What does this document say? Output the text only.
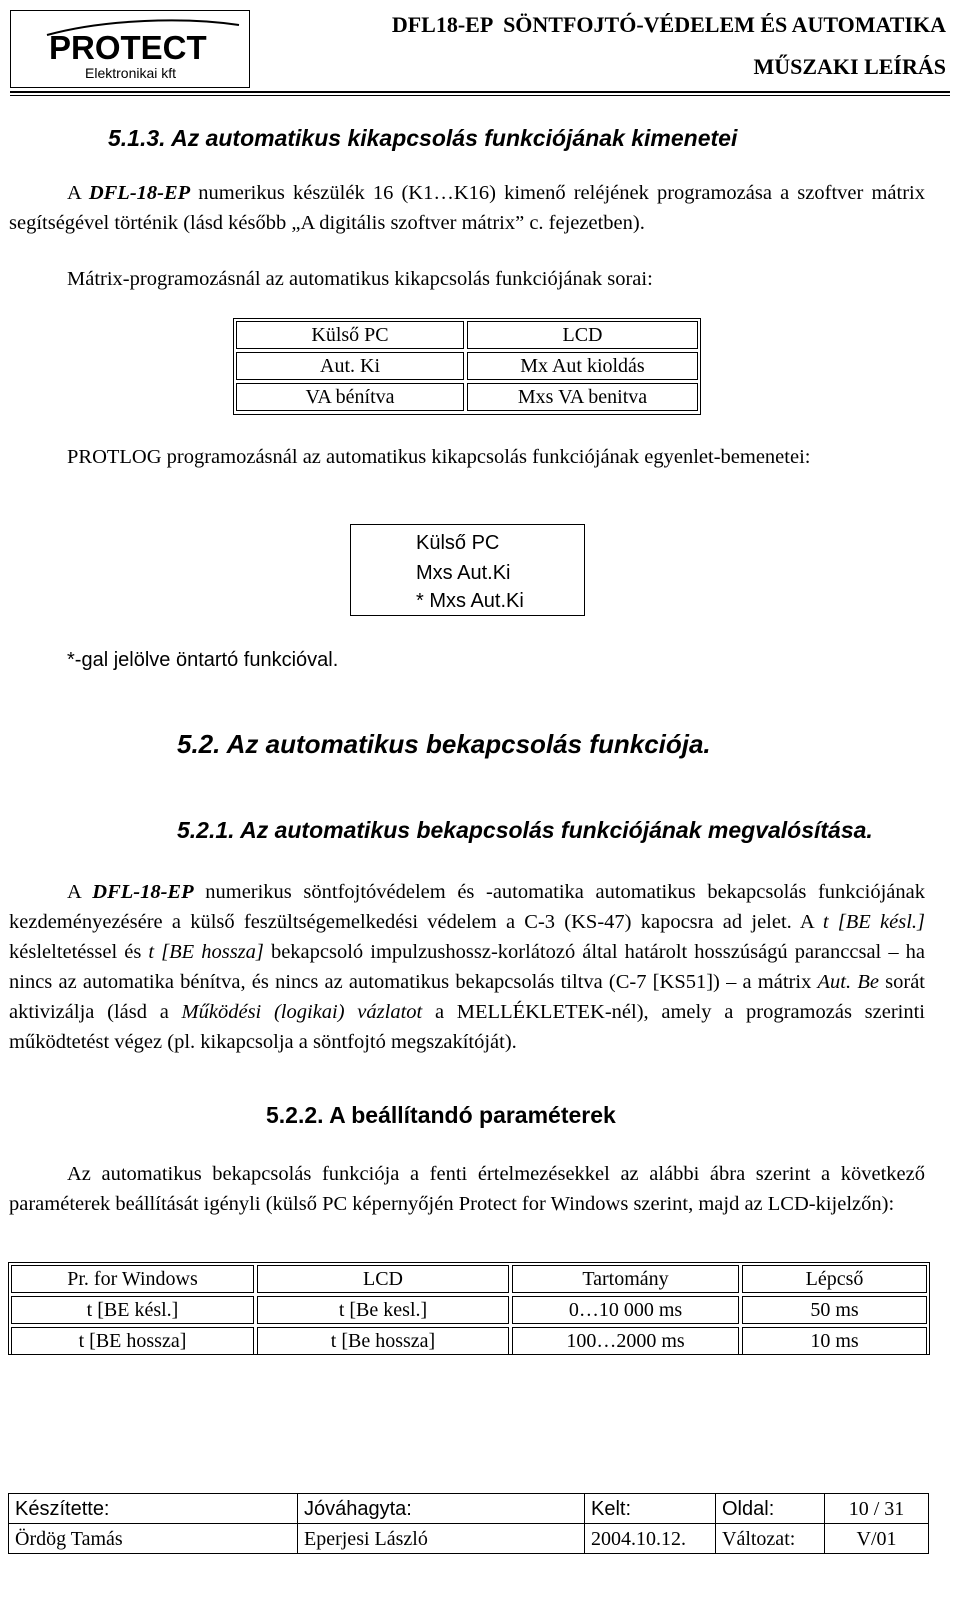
PROTECT
Elektronikai kft
DFL18-EP  SÖNTFOJTÓ-VÉDELEM ÉS AUTOMATIKA
MŰSZAKI LEÍRÁS
5.1.3. Az automatikus kikapcsolás funkciójának kimenetei
A DFL-18-EP numerikus készülék 16 (K1…K16) kimenő reléjének programozása a szoftver mátrix segítségével történik (lásd később „A digitális szoftver mátrix” c. fejezetben).
Mátrix-programozásnál az automatikus kikapcsolás funkciójának sorai:
Külső PC	LCD
Aut. Ki	Mx Aut kioldás
VA bénítva	Mxs VA benitva
PROTLOG programozásnál az automatikus kikapcsolás funkciójának egyenlet-bemenetei:
Külső PC
Mxs Aut.Ki
* Mxs Aut.Ki
*-gal jelölve öntartó funkcióval.
5.2. Az automatikus bekapcsolás funkciója.
5.2.1. Az automatikus bekapcsolás funkciójának megvalósítása.
A DFL-18-EP numerikus söntfojtóvédelem és -automatika automatikus bekapcsolás funkciójának kezdeményezésére a külső feszültségemelkedési védelem a C-3 (KS-47) kapocsra ad jelet. A t [BE késl.] késleltetéssel és t [BE hossza] bekapcsoló impulzushossz-korlátozó által határolt hosszúságú paranccsal – ha nincs az automatika bénítva, és nincs az automatikus bekapcsolás tiltva (C-7 [KS51]) – a mátrix Aut. Be sorát aktivizálja (lásd a Működési (logikai) vázlatot a MELLÉKLETEK-nél), amely a programozás szerinti működtetést végez (pl. kikapcsolja a söntfojtó megszakítóját).
5.2.2. A beállítandó paraméterek
Az automatikus bekapcsolás funkciója a fenti értelmezésekkel az alábbi ábra szerint a következő paraméterek beállítását igényli (külső PC képernyőjén Protect for Windows szerint, majd az LCD-kijelzőn):
Pr. for Windows	LCD	Tartomány	Lépcső
t [BE késl.]	t [Be kesl.]	0…10 000 ms	50 ms
t [BE hossza]	t [Be hossza]	100…2000 ms	10 ms
Készítette:	Jóváhagyta:	Kelt:	Oldal:	10 / 31
Ördög Tamás	Eperjesi László	2004.10.12.	Változat:	V/01
